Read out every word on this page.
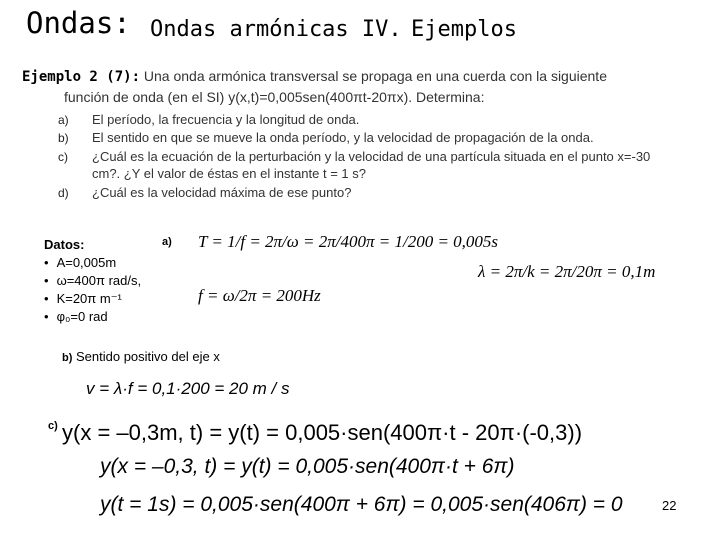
Ondas: Ondas armónicas IV. Ejemplos
Ejemplo 2 (7): Una onda armónica transversal se propaga en una cuerda con la siguiente
función de onda (en el SI) y(x,t)=0,005sen(400πt-20πx). Determina:
a) El período, la frecuencia y la longitud de onda.
b) El sentido en que se mueve la onda período, y la velocidad de propagación de la onda.
c) ¿Cuál es la ecuación de la perturbación y la velocidad de una partícula situada en el punto x=-30
cm?. ¿Y el valor de éstas en el instante t = 1 s?
d) ¿Cuál es la velocidad máxima de ese punto?
Datos:
• A=0,005m
• ω=400π rad/s,
• K=20π m⁻¹
• φ₀=0 rad
a) T = 1/f = 2π/ω = 2π/400π = 1/200 = 0,005s
f = ω/2π = 200Hz
λ = 2π/k = 2π/20π = 0,1m
b) Sentido positivo del eje x
v = λ·f = 0,1·200 = 20 m / s
c) y(x = –0,3m, t) = y(t) = 0,005·sen(400π·t - 20π·(-0,3))
y(x = –0,3, t) = y(t) = 0,005·sen(400π·t + 6π)
y(t = 1s) = 0,005·sen(400π + 6π) = 0,005·sen(406π) = 0	22
